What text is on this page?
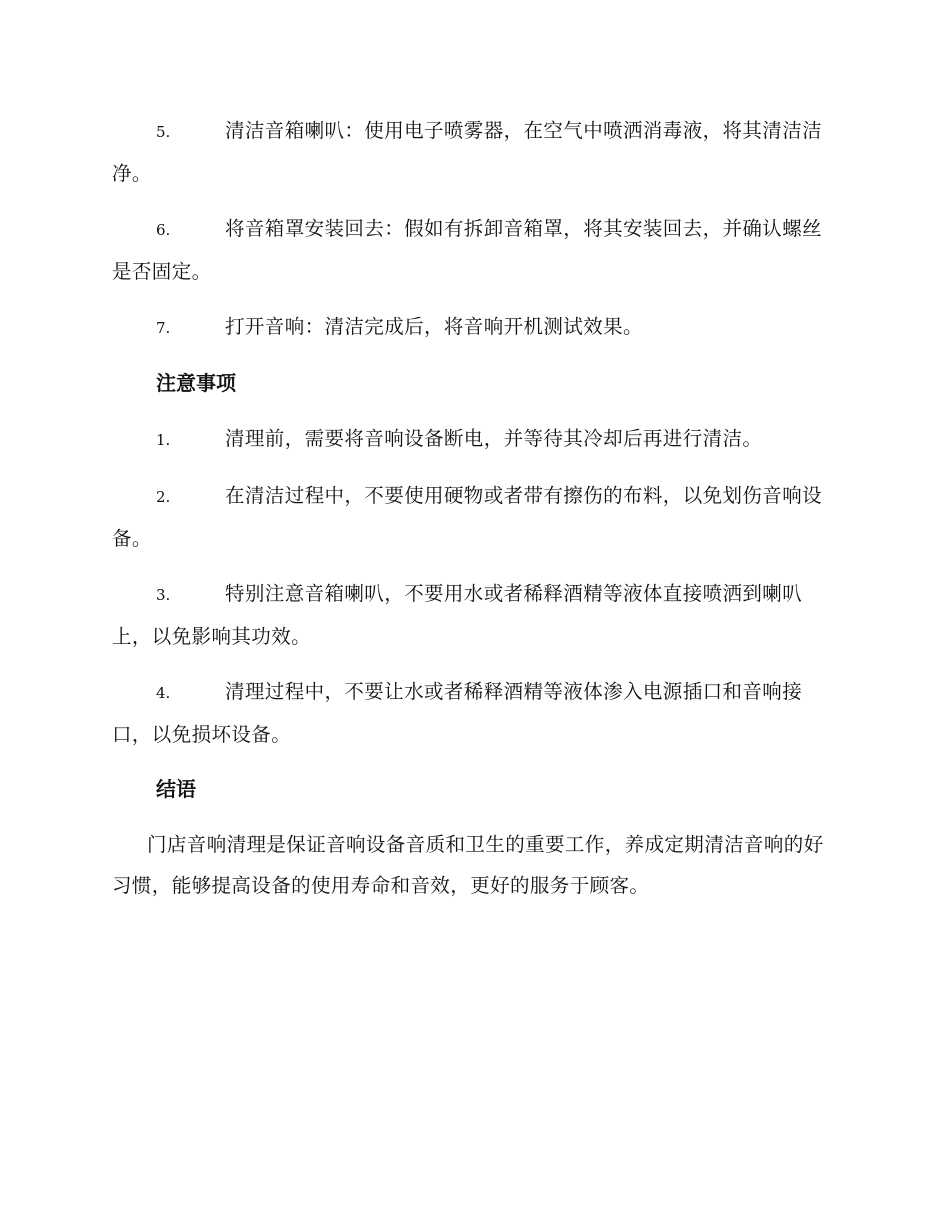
5.	清洁音箱喇叭：使用电子喷雾器，在空气中喷洒消毒液，将其清洁洁净。

6.	将音箱罩安装回去：假如有拆卸音箱罩，将其安装回去，并确认螺丝是否固定。

7.	打开音响：清洁完成后，将音响开机测试效果。

注意事项

1.	清理前，需要将音响设备断电，并等待其冷却后再进行清洁。

2.	在清洁过程中，不要使用硬物或者带有擦伤的布料，以免划伤音响设备。

3.	特别注意音箱喇叭，不要用水或者稀释酒精等液体直接喷洒到喇叭上，以免影响其功效。

4.	清理过程中，不要让水或者稀释酒精等液体渗入电源插口和音响接口，以免损坏设备。

结语

门店音响清理是保证音响设备音质和卫生的重要工作，养成定期清洁音响的好习惯，能够提高设备的使用寿命和音效，更好的服务于顾客。
